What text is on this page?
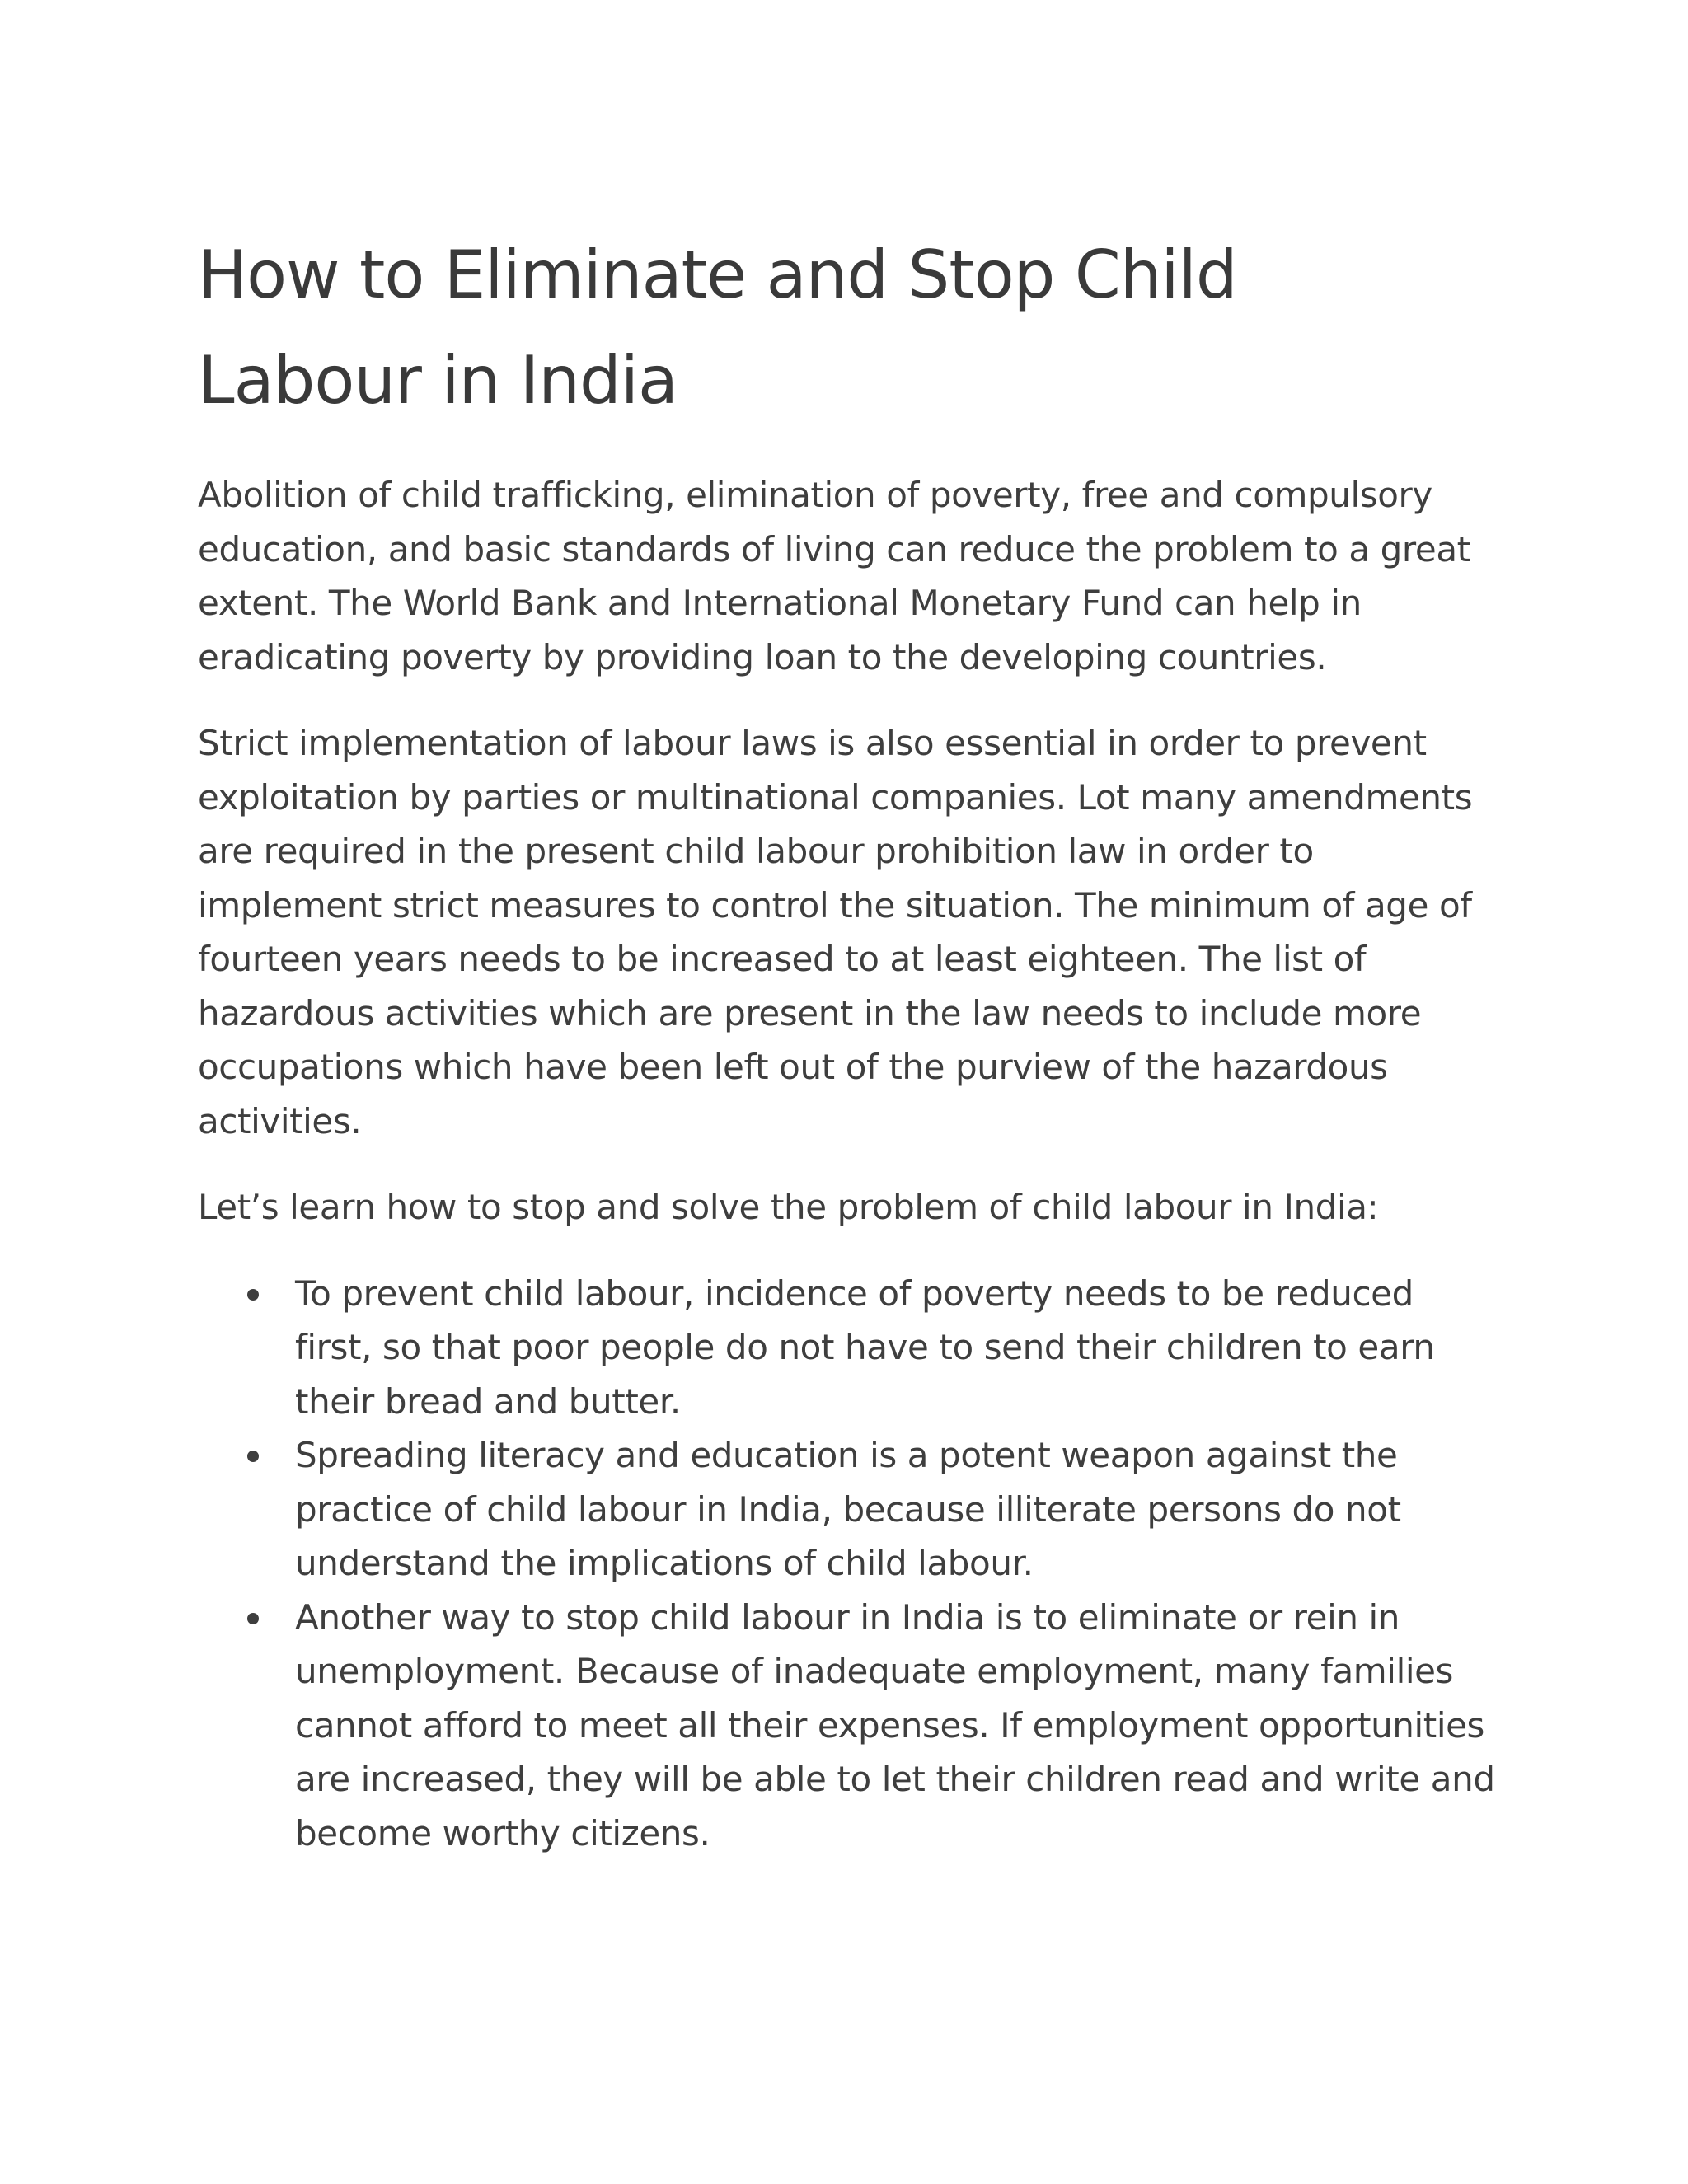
How to Eliminate and Stop Child Labour in India

Abolition of child trafficking, elimination of poverty, free and compulsory education, and basic standards of living can reduce the problem to a great extent. The World Bank and International Monetary Fund can help in eradicating poverty by providing loan to the developing countries.

Strict implementation of labour laws is also essential in order to prevent exploitation by parties or multinational companies. Lot many amendments are required in the present child labour prohibition law in order to implement strict measures to control the situation. The minimum of age of fourteen years needs to be increased to at least eighteen. The list of hazardous activities which are present in the law needs to include more occupations which have been left out of the purview of the hazardous activities.

Let’s learn how to stop and solve the problem of child labour in India:

To prevent child labour, incidence of poverty needs to be reduced first, so that poor people do not have to send their children to earn their bread and butter.
Spreading literacy and education is a potent weapon against the practice of child labour in India, because illiterate persons do not understand the implications of child labour.
Another way to stop child labour in India is to eliminate or rein in unemployment. Because of inadequate employment, many families cannot afford to meet all their expenses. If employment opportunities are increased, they will be able to let their children read and write and become worthy citizens.
